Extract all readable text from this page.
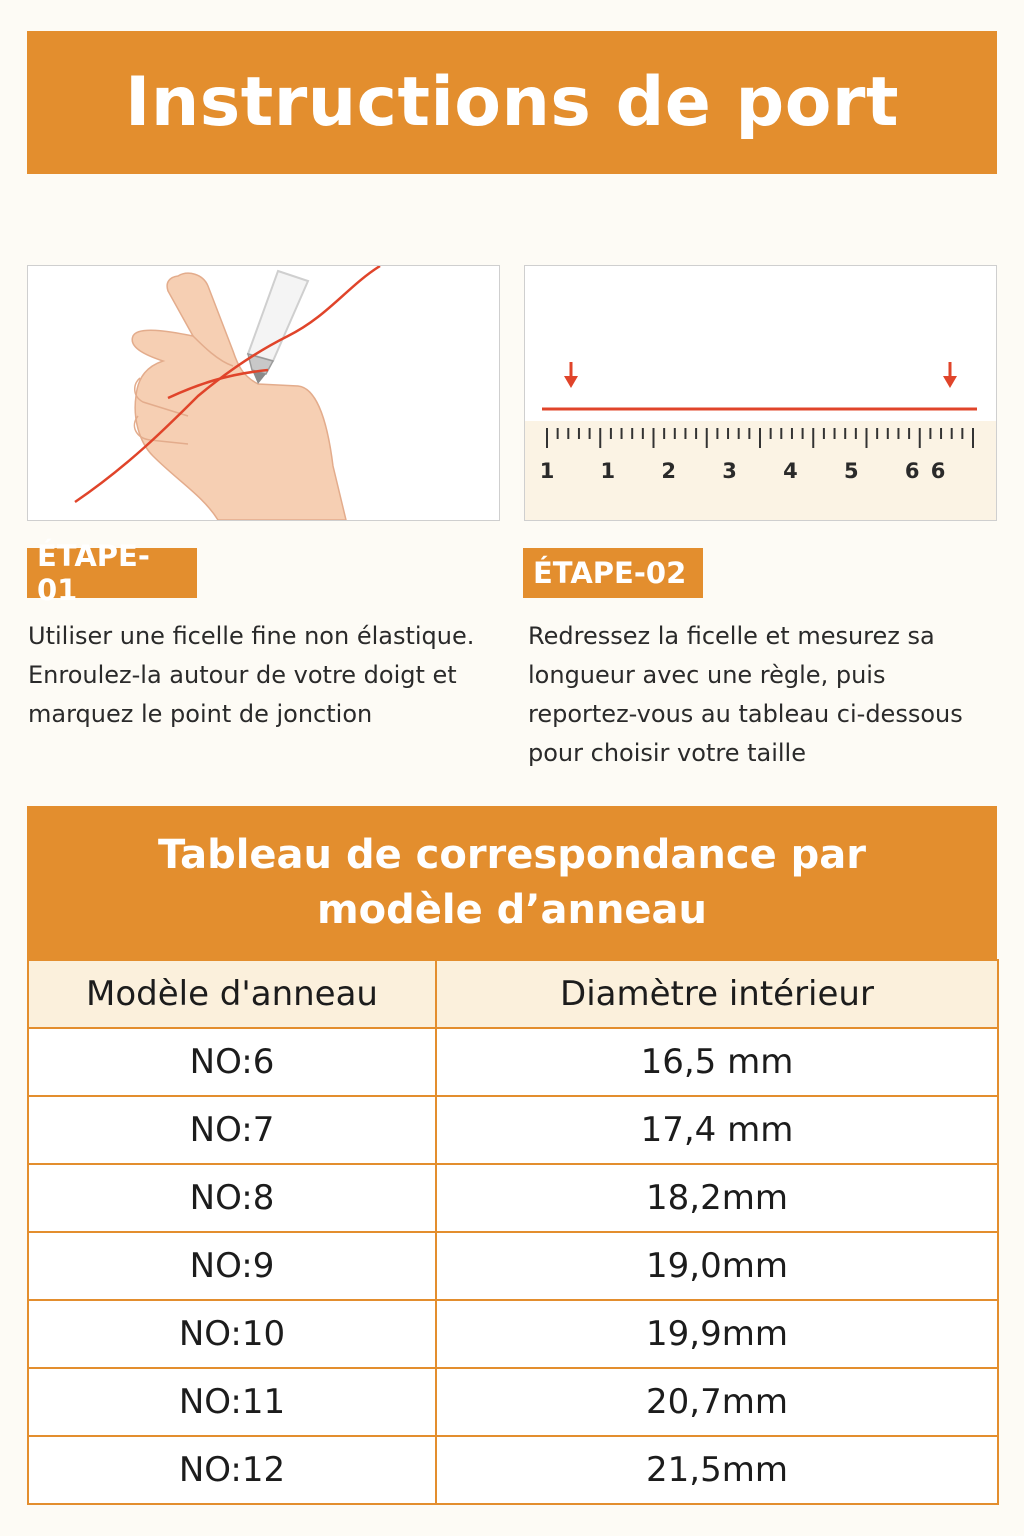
Instructions de port
1 1 2 3 4 5 6 6
ÉTAPE-01	ÉTAPE-02

Utiliser une ficelle fine non élastique. Enroulez-la autour de votre doigt et marquez le point de jonction

Redressez la ficelle et mesurez sa longueur avec une règle, puis reportez-vous au tableau ci-dessous pour choisir votre taille

Tableau de correspondance par modèle d’anneau
Modèle d'anneau	Diamètre intérieur
NO:6	16,5 mm
NO:7	17,4 mm
NO:8	18,2mm
NO:9	19,0mm
NO:10	19,9mm
NO:11	20,7mm
NO:12	21,5mm
